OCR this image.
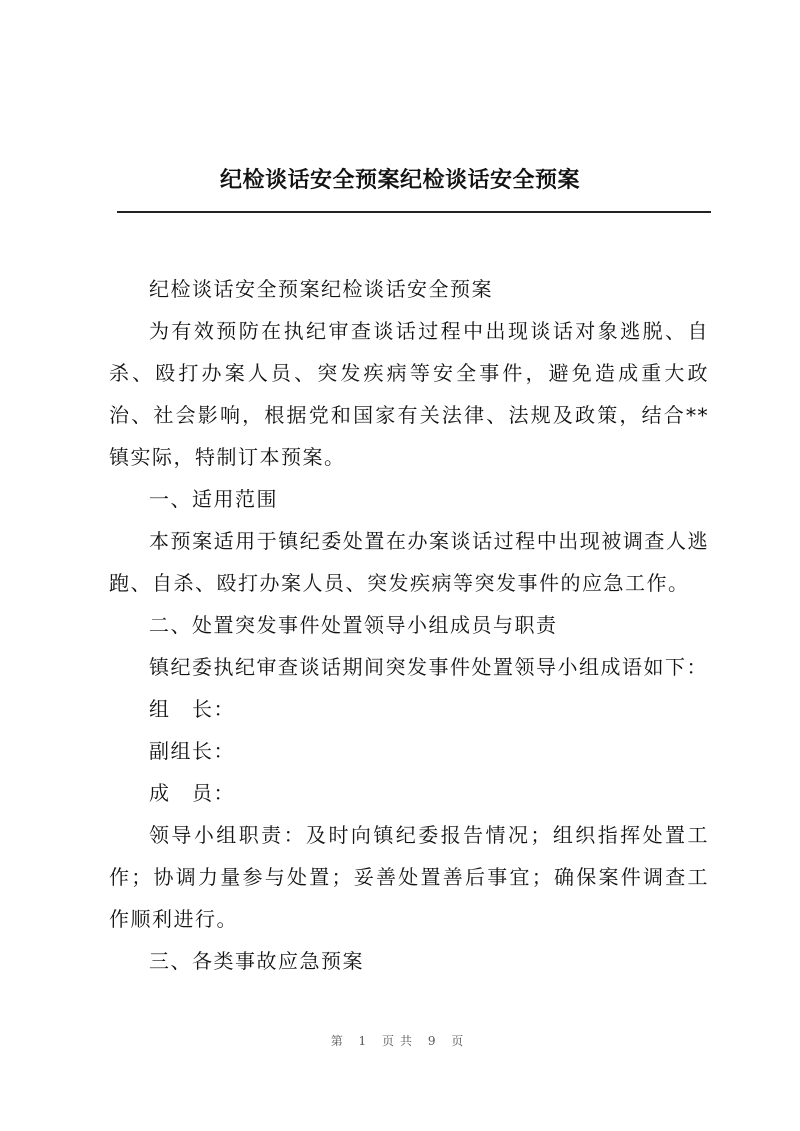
纪检谈话安全预案纪检谈话安全预案

纪检谈话安全预案纪检谈话安全预案

为有效预防在执纪审查谈话过程中出现谈话对象逃脱、自杀、殴打办案人员、突发疾病等安全事件，避免造成重大政治、社会影响，根据党和国家有关法律、法规及政策，结合**镇实际，特制订本预案。

一、适用范围

本预案适用于镇纪委处置在办案谈话过程中出现被调查人逃跑、自杀、殴打办案人员、突发疾病等突发事件的应急工作。

二、处置突发事件处置领导小组成员与职责

镇纪委执纪审查谈话期间突发事件处置领导小组成语如下：

组　长：

副组长：

成　员：

领导小组职责：及时向镇纪委报告情况；组织指挥处置工作；协调力量参与处置；妥善处置善后事宜；确保案件调查工作顺利进行。

三、各类事故应急预案

第 1 页共 9 页
